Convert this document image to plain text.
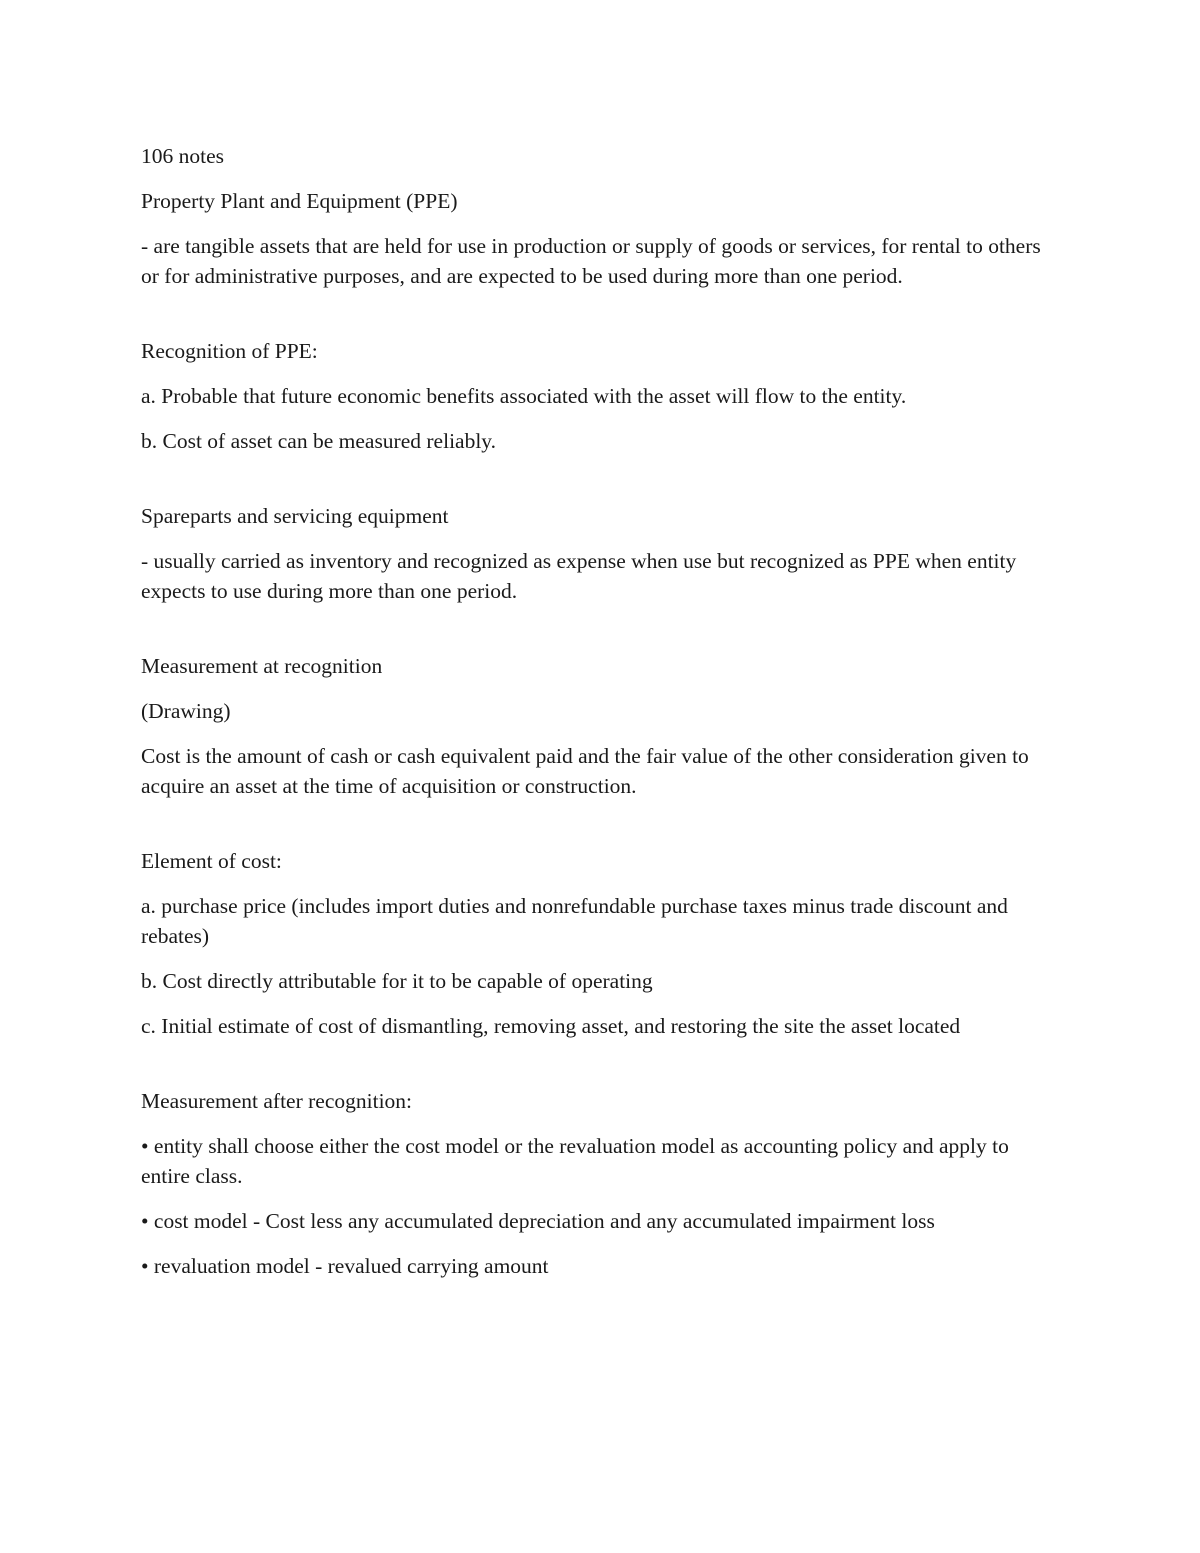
106 notes

Property Plant and Equipment (PPE)

- are tangible assets that are held for use in production or supply of goods or services, for rental to others or for administrative purposes, and are expected to be used during more than one period.

Recognition of PPE:

a. Probable that future economic benefits associated with the asset will flow to the entity.

b. Cost of asset can be measured reliably.

Spareparts and servicing equipment

- usually carried as inventory and recognized as expense when use but recognized as PPE when entity expects to use during more than one period.

Measurement at recognition

(Drawing)

Cost is the amount of cash or cash equivalent paid and the fair value of the other consideration given to acquire an asset at the time of acquisition or construction.

Element of cost:

a. purchase price (includes import duties and nonrefundable purchase taxes minus trade discount and rebates)

b. Cost directly attributable for it to be capable of operating

c. Initial estimate of cost of dismantling, removing asset, and restoring the site the asset located

Measurement after recognition:

• entity shall choose either the cost model or the revaluation model as accounting policy and apply to entire class.

• cost model - Cost less any accumulated depreciation and any accumulated impairment loss

• revaluation model - revalued carrying amount
